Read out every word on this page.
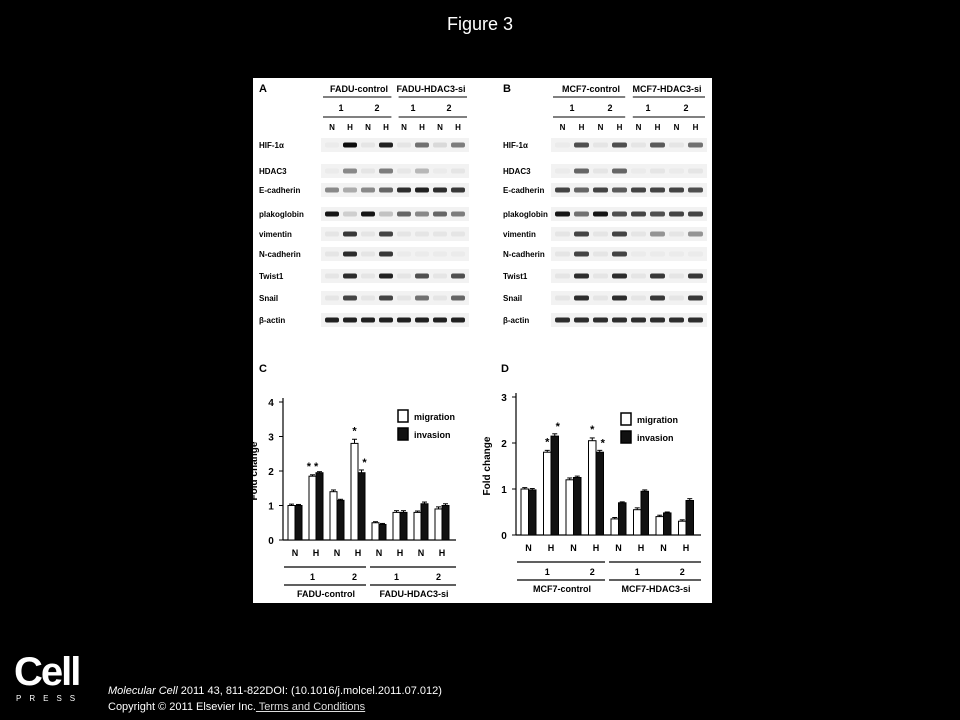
Figure 3
A	FADU-control FADU-HDAC3-si
1	2	1	2
N H N H N H N H
HIF-1α
HDAC3
E-cadherin
plakoglobin
vimentin
N-cadherin
Twist1
Snail
β-actin
B	MCF7-control MCF7-HDAC3-si
1	2	1	2
N H N H N H N H
HIF-1α
HDAC3
E-cadherin
plakoglobin
vimentin
N-cadherin
Twist1
Snail
β-actin
C
0
1
2
3
4
Fold change
N H
* *
N H
*
*
N H N H
1	2	1	2
FADU-control	FADU-HDAC3-si
migration
invasion
D
0
1
2
3
Fold change
N H
*
*
N H
*
*
N H N H
1	2	1	2
MCF7-control	MCF7-HDAC3-si
migration
invasion
Cell
PRESS
Molecular Cell 2011 43, 811-822DOI: (10.1016/j.molcel.2011.07.012)
Copyright © 2011 Elsevier Inc. Terms and Conditions
